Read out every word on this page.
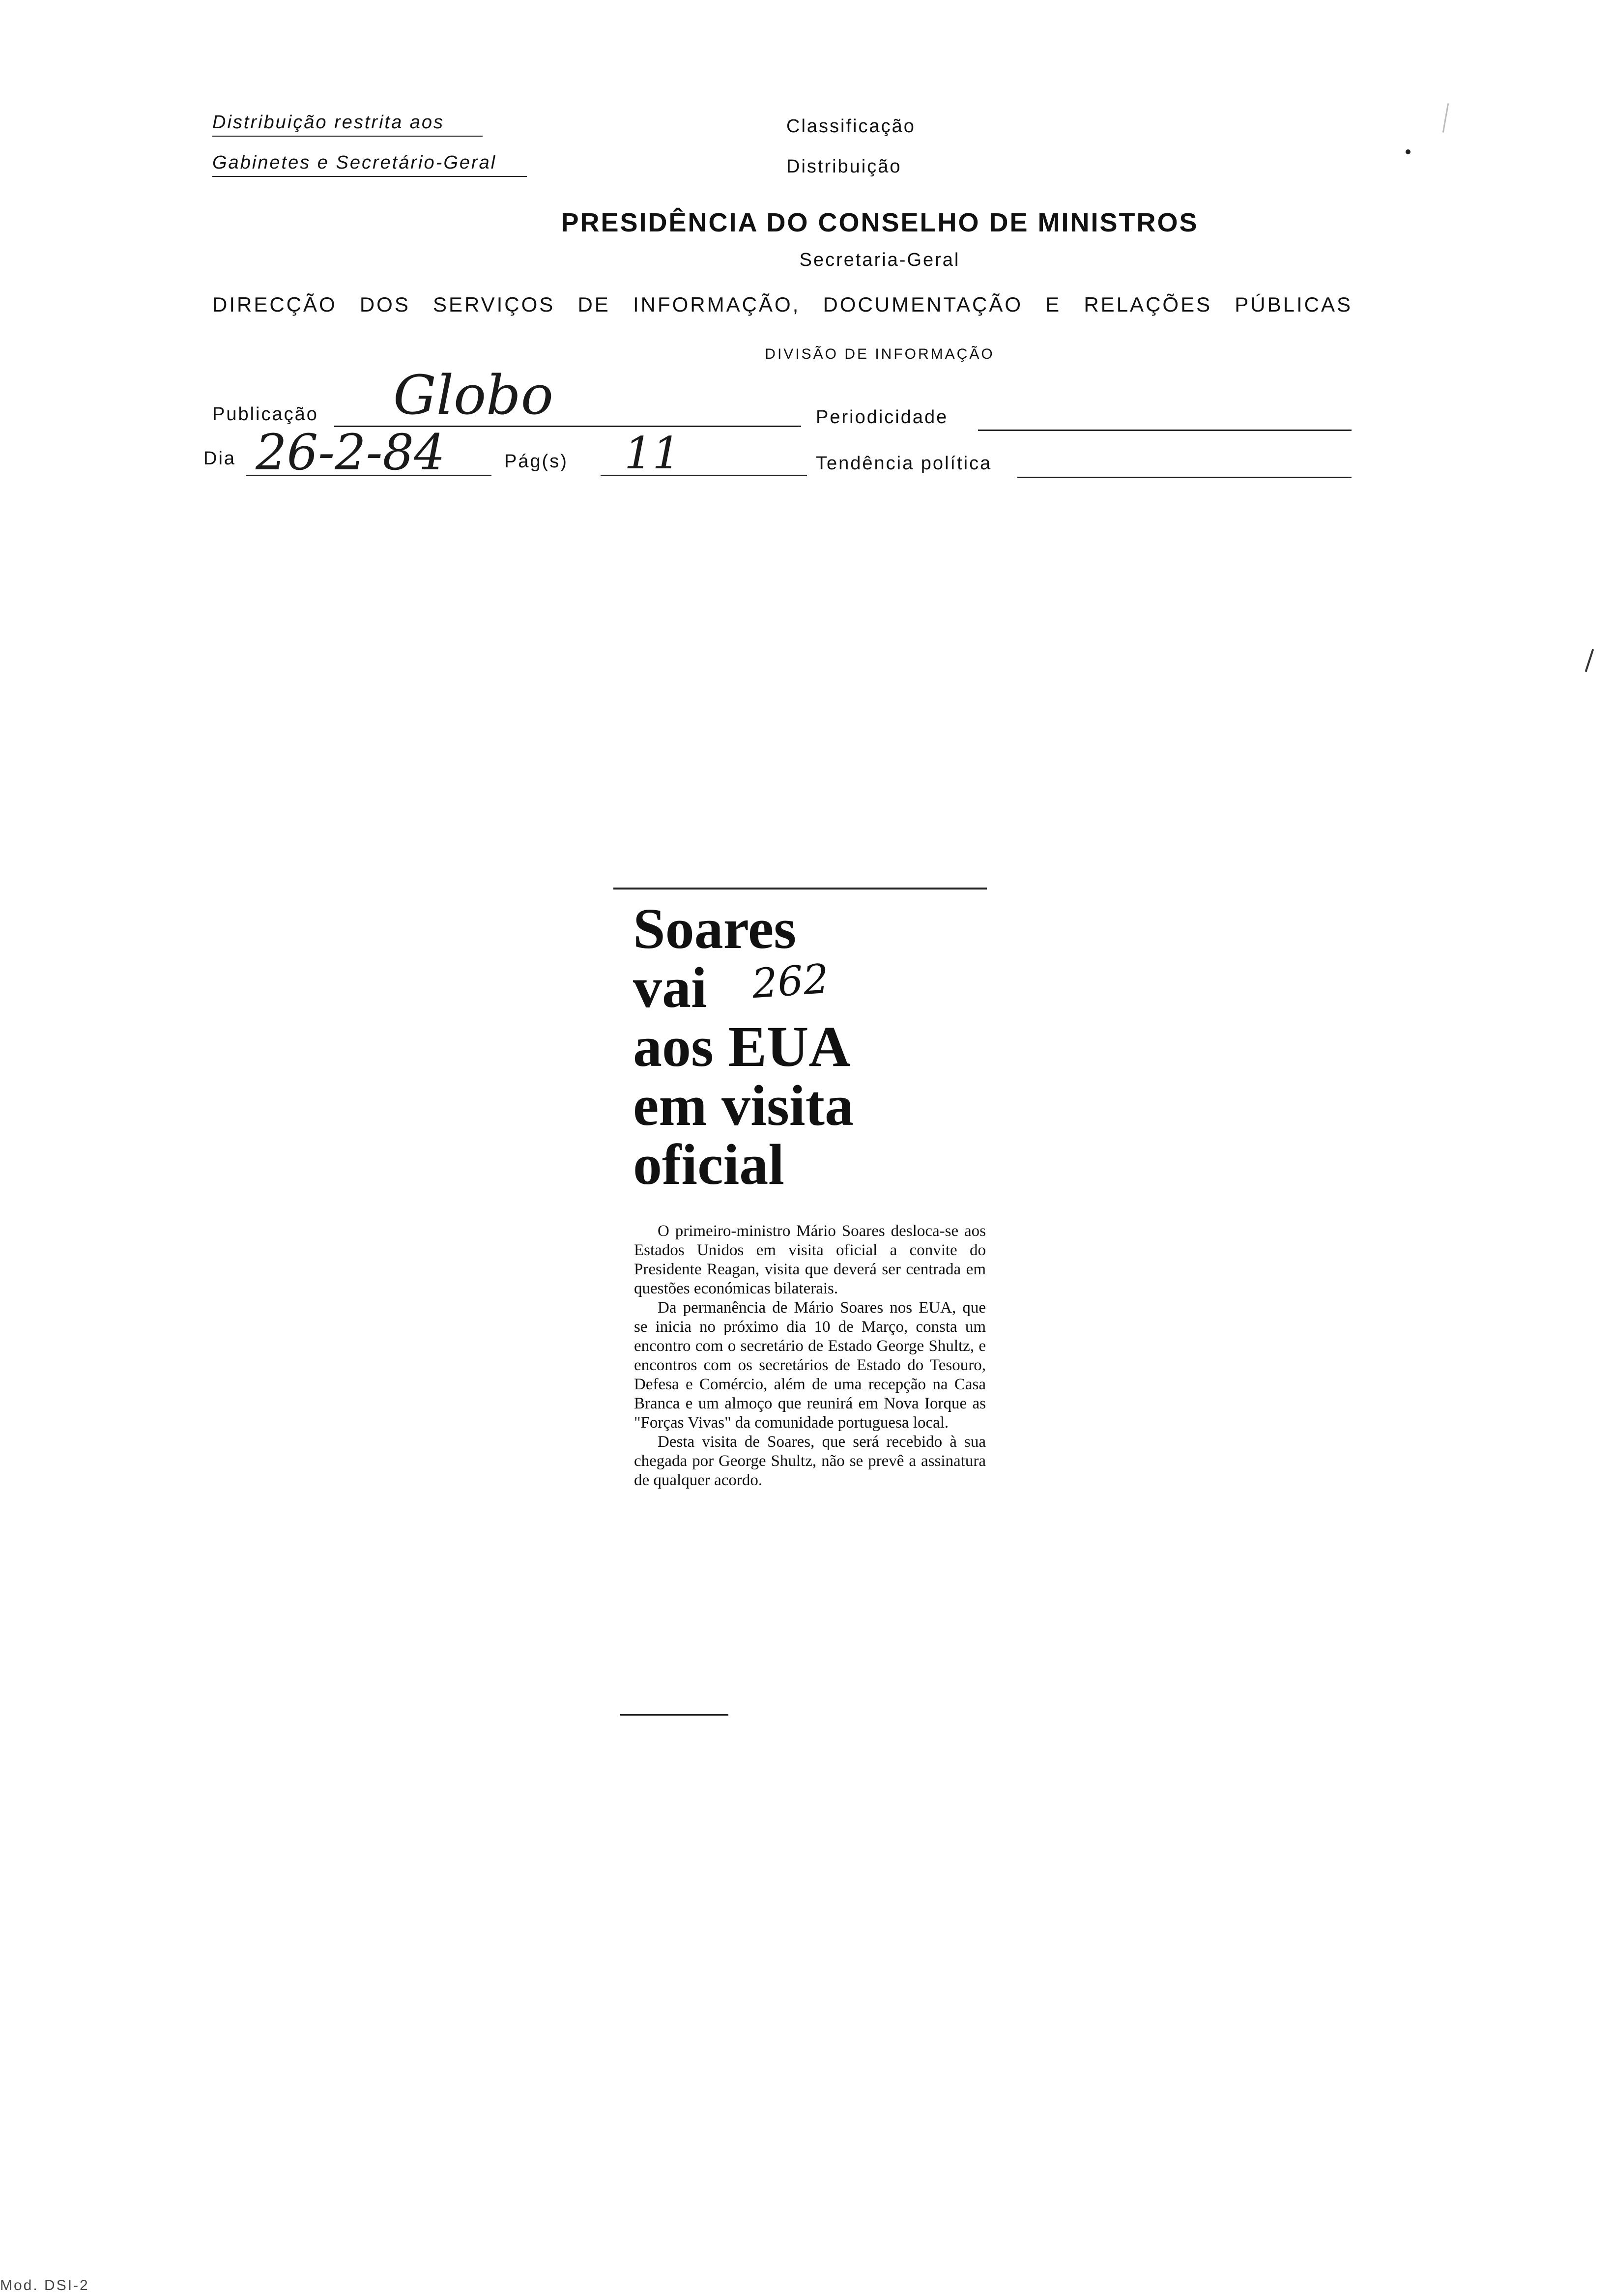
Distribuição restrita aos
Gabinetes e Secretário-Geral
Classificação
Distribuição
PRESIDÊNCIA DO CONSELHO DE MINISTROS
Secretaria-Geral
DIRECÇÃO DOS SERVIÇOS DE INFORMAÇÃO, DOCUMENTAÇÃO E RELAÇÕES PÚBLICAS
DIVISÃO DE INFORMAÇÃO
Publicação Globo	Periodicidade
Dia 26-2-84	Pág(s) 11	Tendência política
Soares
vai
aos EUA
em visita
oficial
262

O primeiro-ministro Mário Soares desloca-se aos Estados Unidos em visita oficial a convite do Presidente Reagan, visita que deverá ser centrada em questões económicas bilaterais.

Da permanência de Mário Soares nos EUA, que se inicia no próximo dia 10 de Março, consta um encontro com o secretário de Estado George Shultz, e encontros com os secretários de Estado do Tesouro, Defesa e Comércio, além de uma recepção na Casa Branca e um almoço que reunirá em Nova Iorque as "Forças Vivas" da comunidade portuguesa local.

Desta visita de Soares, que será recebido à sua chegada por George Shultz, não se prevê a assinatura de qualquer acordo.

Mod. DSI-2
